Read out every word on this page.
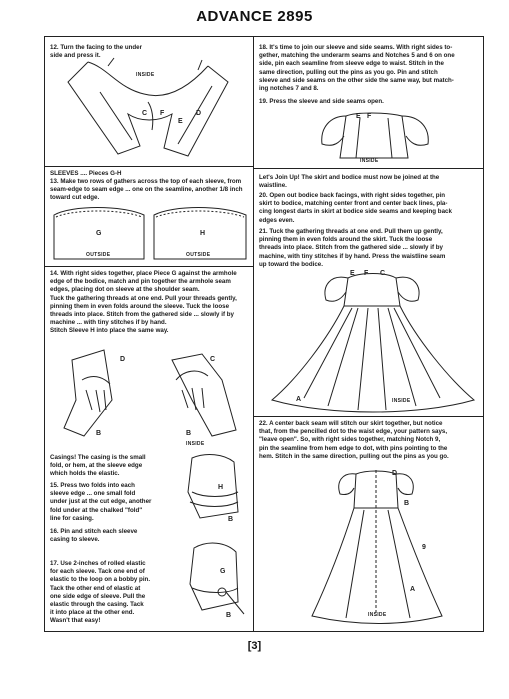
ADVANCE 2895
12. Turn the facing to the under
side and press it.
INSIDE
C F
E
D
SLEEVES .... Pieces G-H
13. Make two rows of gathers across the top of each sleeve, from
seam-edge to seam edge ... one on the seamline, another 1/8 inch
toward cut edge.
G	H
OUTSIDE	OUTSIDE
14. With right sides together, place Piece G against the armhole
edge of the bodice, match and pin together the armhole seam
edges, placing dot on sleeve at the shoulder seam.
Tuck the gathering threads at one end. Pull your threads gently,
pinning them in even folds around the sleeve. Tuck the loose
threads into place. Stitch from the gathered side ... slowly if by
machine ... with tiny stitches if by hand.
Stitch Sleeve H into place the same way.
D	C
B	B
INSIDE
Casings! The casing is the small
fold, or hem, at the sleeve edge
which holds the elastic.
15. Press two folds into each
sleeve edge ... one small fold
under just at the cut edge, another
fold under at the chalked "fold"
line for casing.
16. Pin and stitch each sleeve
casing to sleeve.
17. Use 2-inches of rolled elastic
for each sleeve. Tack one end of
elastic to the loop on a bobby pin.
Tack the other end of elastic at
one side edge of sleeve. Pull the
elastic through the casing. Tack
it into place at the other end.
Wasn't that easy!
H
B
G
B
18. It's time to join our sleeve and side seams. With right sides to-
gether, matching the underarm seams and Notches 5 and 6 on one
side, pin each seamline from sleeve edge to waist. Stitch in the
same direction, pulling out the pins as you go. Pin and stitch
sleeve and side seams on the other side the same way, but match-
ing notches 7 and 8.
19. Press the sleeve and side seams open.
E F
INSIDE
Let's Join Up! The skirt and bodice must now be joined at the
waistline.
20. Open out bodice back facings, with right sides together, pin
skirt to bodice, matching center front and center back lines, pla-
cing longest darts in skirt at bodice side seams and keeping back
edges even.
21. Tuck the gathering threads at one end. Pull them up gently,
pinning them in even folds around the skirt. Tuck the loose
threads into place. Stitch from the gathered side ... slowly if by
machine, with tiny stitches if by hand. Press the waistline seam
up toward the bodice.
E F C
A	INSIDE
22. A center back seam will stitch our skirt together, but notice
that, from the pencilled dot to the waist edge, your pattern says,
"leave open". So, with right sides together, matching Notch 9,
pin the seamline from hem edge to dot, with pins pointing to the
hem. Stitch in the same direction, pulling out the pins as you go.
D
B
9
A
INSIDE
[3]
